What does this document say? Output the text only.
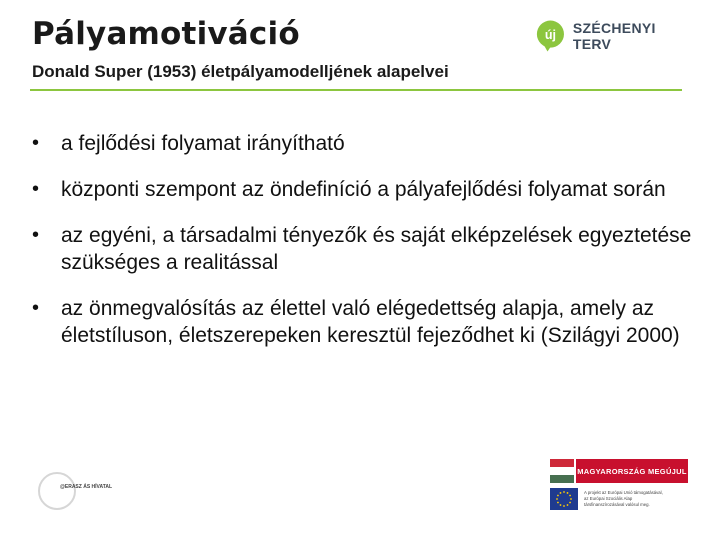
Pályamotiváció
Donald Super (1953) életpályamodelljének alapelvei
új SZÉCHENYI TERV
• a fejlődési folyamat irányítható
• központi szempont az öndefiníció a pályafejlődési folyamat során
• az egyéni, a társadalmi tényezők és saját elképzelések egyeztetése szükséges a realitással
• az önmegvalósítás az élettel való elégedettség alapja, amely az életstíluson, életszerepeken keresztül fejeződhet ki (Szilágyi 2000)
@ERASZ ÁS HÍVATAL
MAGYARORSZÁG MEGÚJUL
A projekt az Európai Unió támogatásával,
az Európai Szociális Alap
társfinanszírozásával valósul meg.
